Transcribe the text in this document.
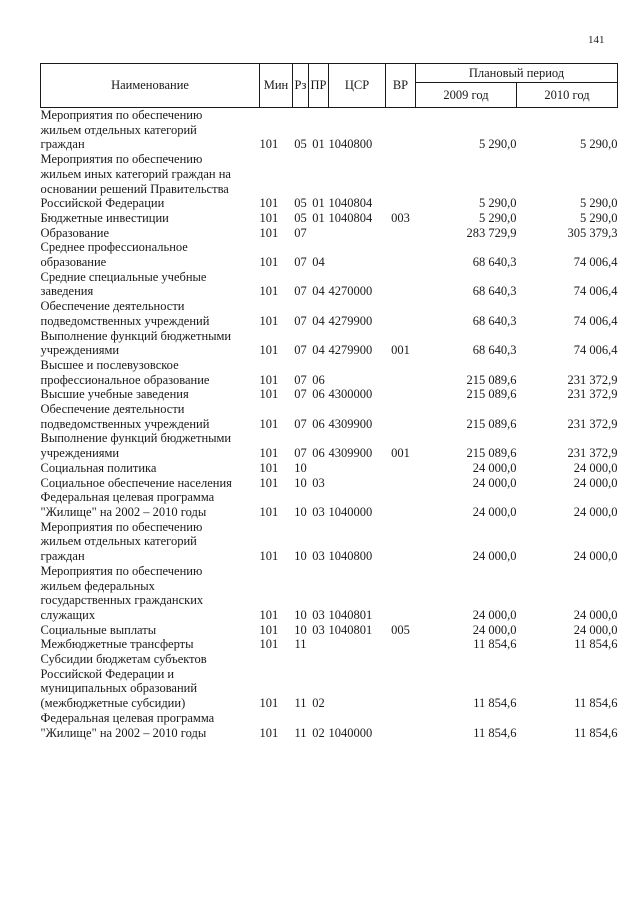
141
Наименование	Мин	Рз	ПР	ЦСР	ВР	Плановый период	
						2009 год	2010 год

Мероприятия по обеспечению
жильем отдельных категорий
граждан	101	05	01	1040800		5 290,0	5 290,0

Мероприятия по обеспечению
жильем иных категорий граждан на
основании решений Правительства
Российской Федерации	101	05	01	1040804		5 290,0	5 290,0

Бюджетные инвестиции	101	05	01	1040804	003	5 290,0	5 290,0

Образование	101	07				283 729,9	305 379,3

Среднее профессиональное
образование	101	07	04			68 640,3	74 006,4

Средние специальные учебные
заведения	101	07	04	4270000		68 640,3	74 006,4

Обеспечение деятельности
подведомственных учреждений	101	07	04	4279900		68 640,3	74 006,4

Выполнение функций бюджетными
учреждениями	101	07	04	4279900	001	68 640,3	74 006,4

Высшее и послевузовское
профессиональное образование	101	07	06			215 089,6	231 372,9

Высшие учебные заведения	101	07	06	4300000		215 089,6	231 372,9

Обеспечение деятельности
подведомственных учреждений	101	07	06	4309900		215 089,6	231 372,9

Выполнение функций бюджетными
учреждениями	101	07	06	4309900	001	215 089,6	231 372,9

Социальная политика	101	10				24 000,0	24 000,0

Социальное обеспечение населения	101	10	03			24 000,0	24 000,0

Федеральная целевая программа
"Жилище" на 2002 – 2010 годы	101	10	03	1040000		24 000,0	24 000,0

Мероприятия по обеспечению
жильем отдельных категорий
граждан	101	10	03	1040800		24 000,0	24 000,0

Мероприятия по обеспечению
жильем федеральных
государственных гражданских
служащих	101	10	03	1040801		24 000,0	24 000,0

Социальные выплаты	101	10	03	1040801	005	24 000,0	24 000,0

Межбюджетные трансферты	101	11				11 854,6	11 854,6

Субсидии бюджетам субъектов
Российской Федерации и
муниципальных образований
(межбюджетные субсидии)	101	11	02			11 854,6	11 854,6

Федеральная целевая программа
"Жилище" на 2002 – 2010 годы	101	11	02	1040000		11 854,6	11 854,6
